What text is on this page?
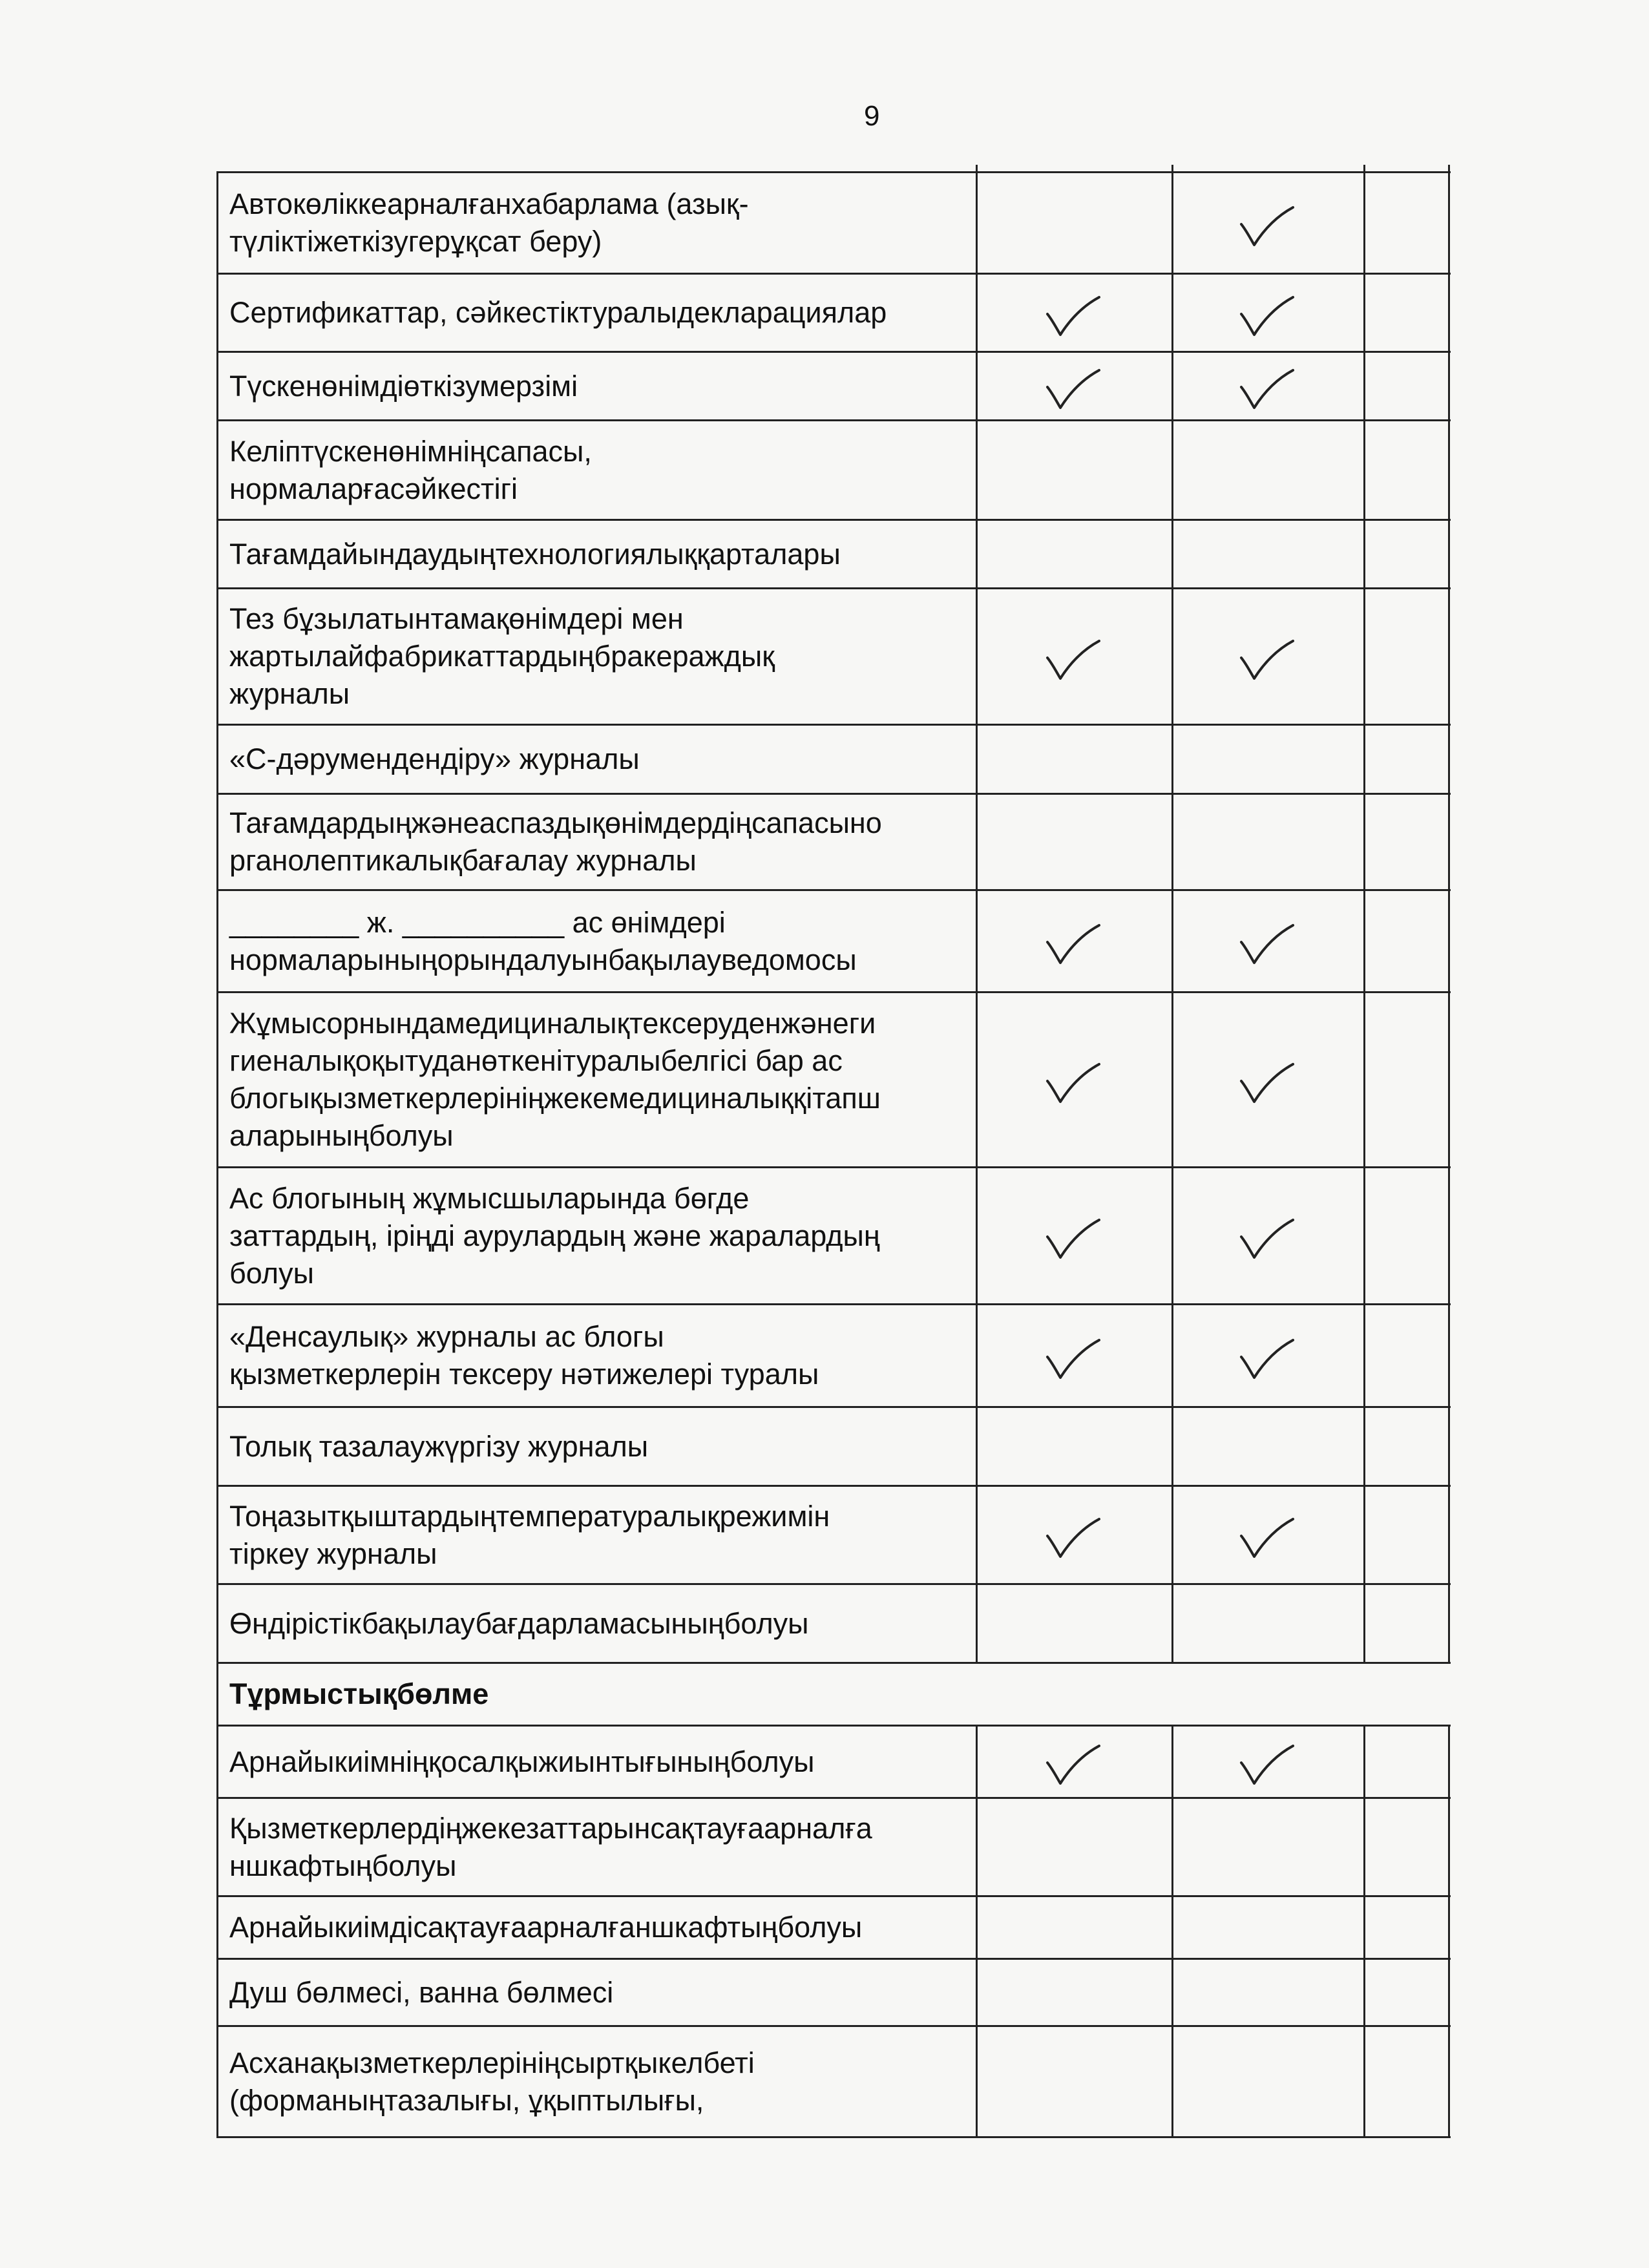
9
Автокөліккеарналғанхабарлама (азық-
түліктіжеткізугерұқсат беру)
Сертификаттар, сәйкестіктуралыдекларациялар
Түскенөнімдіөткізумерзімі
Келіптүскенөнімніңсапасы,
нормаларғасәйкестігі
Тағамдайындаудыңтехнологиялыққарталары
Тез бұзылатынтамақөнімдері мен
жартылайфабрикаттардыңбракераждық
журналы
«С-дәрумендендіру» журналы
Тағамдардыңжәнеаспаздықөнімдердіңсапасыно
рганолептикалықбағалау журналы
________ ж. __________ ас өнімдері
нормаларыныңорындалуынбақылауведомосы
Жұмысорнындамедициналықтексеруденжәнеги
гиеналықоқытуданөткенітуралыбелгісі бар ас
блогықызметкерлерініңжекемедициналыққітапш
аларыныңболуы
Ас блогының жұмысшыларында бөгде
заттардың, іріңді аурулардың және жаралардың
болуы
«Денсаулық» журналы ас блогы
қызметкерлерін тексеру нәтижелері туралы
Толық тазалаужүргізу журналы
Тоңазытқыштардыңтемпературалықрежимін
тіркеу журналы
Өндірістікбақылаубағдарламасыныңболуы
Тұрмыстықбөлме
Арнайыкиімніңқосалқыжиынтығыныңболуы
Қызметкерлердіңжекезаттарынсақтауғаарналға
ншкафтыңболуы
Арнайыкиімдісақтауғаарналғаншкафтыңболуы
Душ бөлмесі, ванна бөлмесі
Асханақызметкерлерініңсыртқыкелбеті
(форманыңтазалығы, ұқыптылығы,
